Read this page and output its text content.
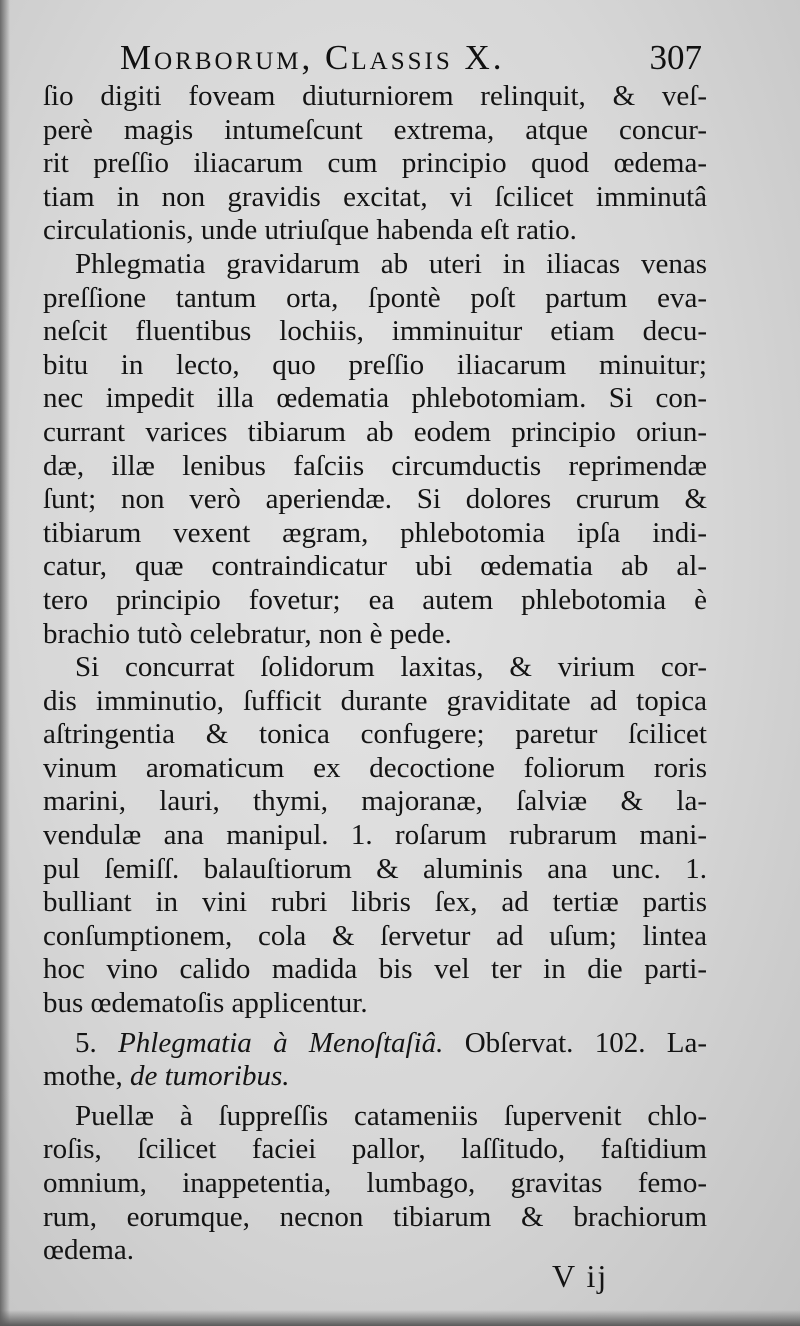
Morborum, Classis X.	307
ſio digiti foveam diuturniorem relinquit, & veſ-
perè magis intumeſcunt extrema, atque concur-
rit preſſio iliacarum cum principio quod œdema-
tiam in non gravidis excitat, vi ſcilicet imminutâ
circulationis, unde utriuſque habenda eſt ratio.
Phlegmatia gravidarum ab uteri in iliacas venas
preſſione tantum orta, ſpontè poſt partum eva-
neſcit fluentibus lochiis, imminuitur etiam decu-
bitu in lecto, quo preſſio iliacarum minuitur;
nec impedit illa œdematia phlebotomiam. Si con-
currant varices tibiarum ab eodem principio oriun-
dæ, illæ lenibus faſciis circumductis reprimendæ
ſunt; non verò aperiendæ. Si dolores crurum &
tibiarum vexent ægram, phlebotomia ipſa indi-
catur, quæ contraindicatur ubi œdematia ab al-
tero principio fovetur; ea autem phlebotomia è
brachio tutò celebratur, non è pede.
Si concurrat ſolidorum laxitas, & virium cor-
dis imminutio, ſufficit durante graviditate ad topica
aſtringentia & tonica confugere; paretur ſcilicet
vinum aromaticum ex decoctione foliorum roris
marini, lauri, thymi, majoranæ, ſalviæ & la-
vendulæ ana manipul. 1. roſarum rubrarum mani-
pul ſemiſſ. balauſtiorum & aluminis ana unc. 1.
bulliant in vini rubri libris ſex, ad tertiæ partis
conſumptionem, cola & ſervetur ad uſum; lintea
hoc vino calido madida bis vel ter in die parti-
bus œdematoſis applicentur.
5. Phlegmatia à Menoſtaſiâ. Obſervat. 102. La-
mothe, de tumoribus.
Puellæ à ſuppreſſis catameniis ſupervenit chlo-
roſis, ſcilicet faciei pallor, laſſitudo, faſtidium
omnium, inappetentia, lumbago, gravitas femo-
rum, eorumque, necnon tibiarum & brachiorum
œdema.
V ij
